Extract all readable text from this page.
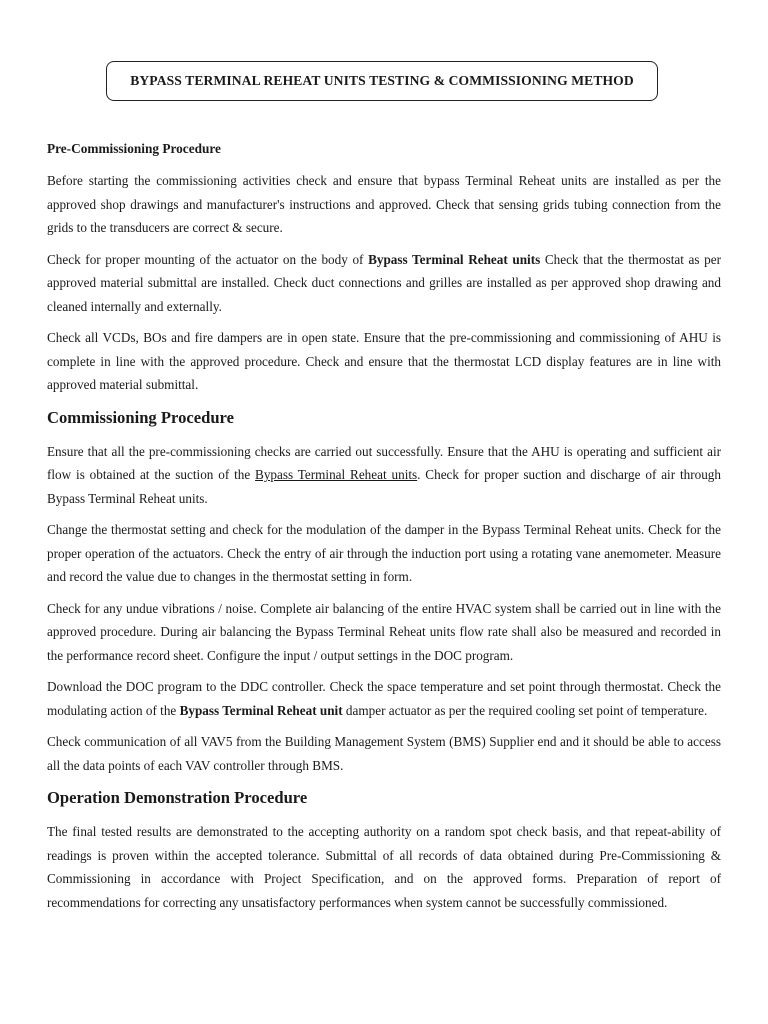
BYPASS TERMINAL REHEAT UNITS TESTING & COMMISSIONING METHOD
Pre-Commissioning Procedure

Before starting the commissioning activities check and ensure that bypass Terminal Reheat units are installed as per the approved shop drawings and manufacturer's instructions and approved. Check that sensing grids tubing connection from the grids to the transducers are correct & secure.

Check for proper mounting of the actuator on the body of Bypass Terminal Reheat units Check that the thermostat as per approved material submittal are installed. Check duct connections and grilles are installed as per approved shop drawing and cleaned internally and externally.

Check all VCDs, BOs and fire dampers are in open state. Ensure that the pre-commissioning and commissioning of AHU is complete in line with the approved procedure. Check and ensure that the thermostat LCD display features are in line with approved material submittal.

Commissioning Procedure

Ensure that all the pre-commissioning checks are carried out successfully. Ensure that the AHU is operating and sufficient air flow is obtained at the suction of the Bypass Terminal Reheat units. Check for proper suction and discharge of air through Bypass Terminal Reheat units.

Change the thermostat setting and check for the modulation of the damper in the Bypass Terminal Reheat units. Check for the proper operation of the actuators. Check the entry of air through the induction port using a rotating vane anemometer. Measure and record the value due to changes in the thermostat setting in form.

Check for any undue vibrations / noise. Complete air balancing of the entire HVAC system shall be carried out in line with the approved procedure. During air balancing the Bypass Terminal Reheat units flow rate shall also be measured and recorded in the performance record sheet. Configure the input / output settings in the DOC program.

Download the DOC program to the DDC controller. Check the space temperature and set point through thermostat. Check the modulating action of the Bypass Terminal Reheat unit damper actuator as per the required cooling set point of temperature.

Check communication of all VAV5 from the Building Management System (BMS) Supplier end and it should be able to access all the data points of each VAV controller through BMS.

Operation Demonstration Procedure

The final tested results are demonstrated to the accepting authority on a random spot check basis, and that repeat-ability of readings is proven within the accepted tolerance. Submittal of all records of data obtained during Pre-Commissioning & Commissioning in accordance with Project Specification, and on the approved forms. Preparation of report of recommendations for correcting any unsatisfactory performances when system cannot be successfully commissioned.
